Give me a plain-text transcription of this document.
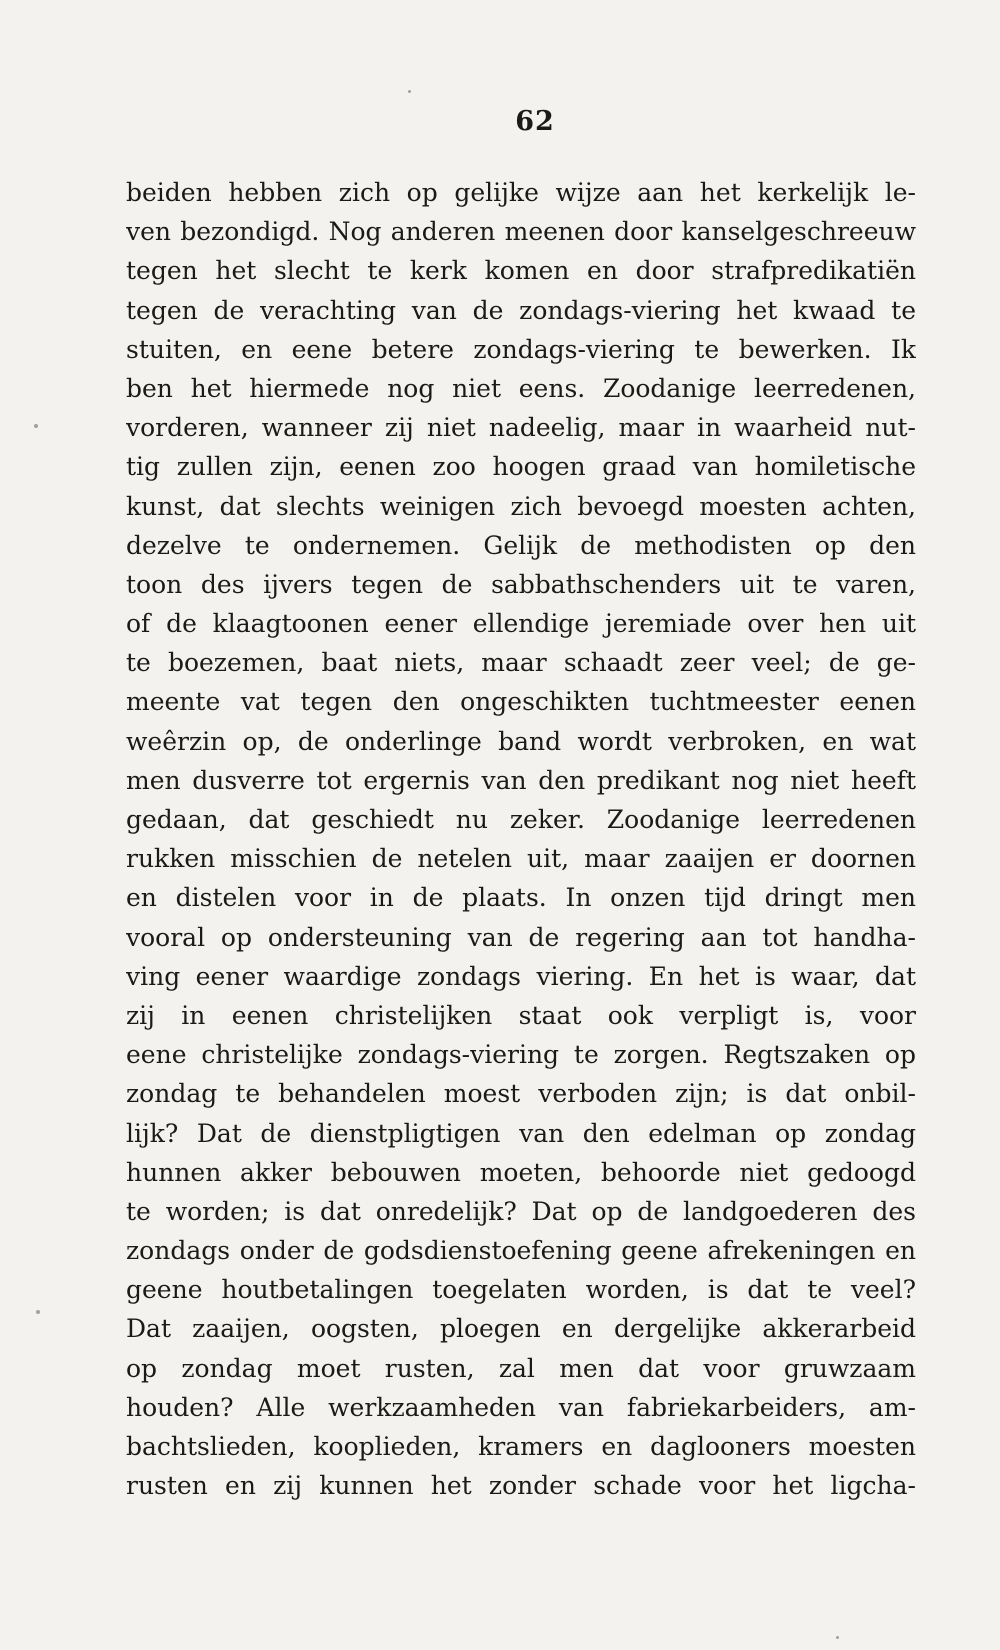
62
beiden hebben zich op gelijke wijze aan het kerkelijk le-
ven bezondigd. Nog anderen meenen door kanselgeschreeuw
tegen het slecht te kerk komen en door strafpredikatiën
tegen de verachting van de zondags-viering het kwaad te
stuiten, en eene betere zondags-viering te bewerken. Ik
ben het hiermede nog niet eens. Zoodanige leerredenen,
vorderen, wanneer zij niet nadeelig, maar in waarheid nut-
tig zullen zijn, eenen zoo hoogen graad van homiletische
kunst, dat slechts weinigen zich bevoegd moesten achten,
dezelve te ondernemen. Gelijk de methodisten op den
toon des ijvers tegen de sabbathschenders uit te varen,
of de klaagtoonen eener ellendige jeremiade over hen uit
te boezemen, baat niets, maar schaadt zeer veel; de ge-
meente vat tegen den ongeschikten tuchtmeester eenen
weêrzin op, de onderlinge band wordt verbroken, en wat
men dusverre tot ergernis van den predikant nog niet heeft
gedaan, dat geschiedt nu zeker. Zoodanige leerredenen
rukken misschien de netelen uit, maar zaaijen er doornen
en distelen voor in de plaats. In onzen tijd dringt men
vooral op ondersteuning van de regering aan tot handha-
ving eener waardige zondags viering. En het is waar, dat
zij in eenen christelijken staat ook verpligt is, voor
eene christelijke zondags-viering te zorgen. Regtszaken op
zondag te behandelen moest verboden zijn; is dat onbil-
lijk? Dat de dienstpligtigen van den edelman op zondag
hunnen akker bebouwen moeten, behoorde niet gedoogd
te worden; is dat onredelijk? Dat op de landgoederen des
zondags onder de godsdienstoefening geene afrekeningen en
geene houtbetalingen toegelaten worden, is dat te veel?
Dat zaaijen, oogsten, ploegen en dergelijke akkerarbeid
op zondag moet rusten, zal men dat voor gruwzaam
houden? Alle werkzaamheden van fabriekarbeiders, am-
bachtslieden, kooplieden, kramers en daglooners moesten
rusten en zij kunnen het zonder schade voor het ligcha-
